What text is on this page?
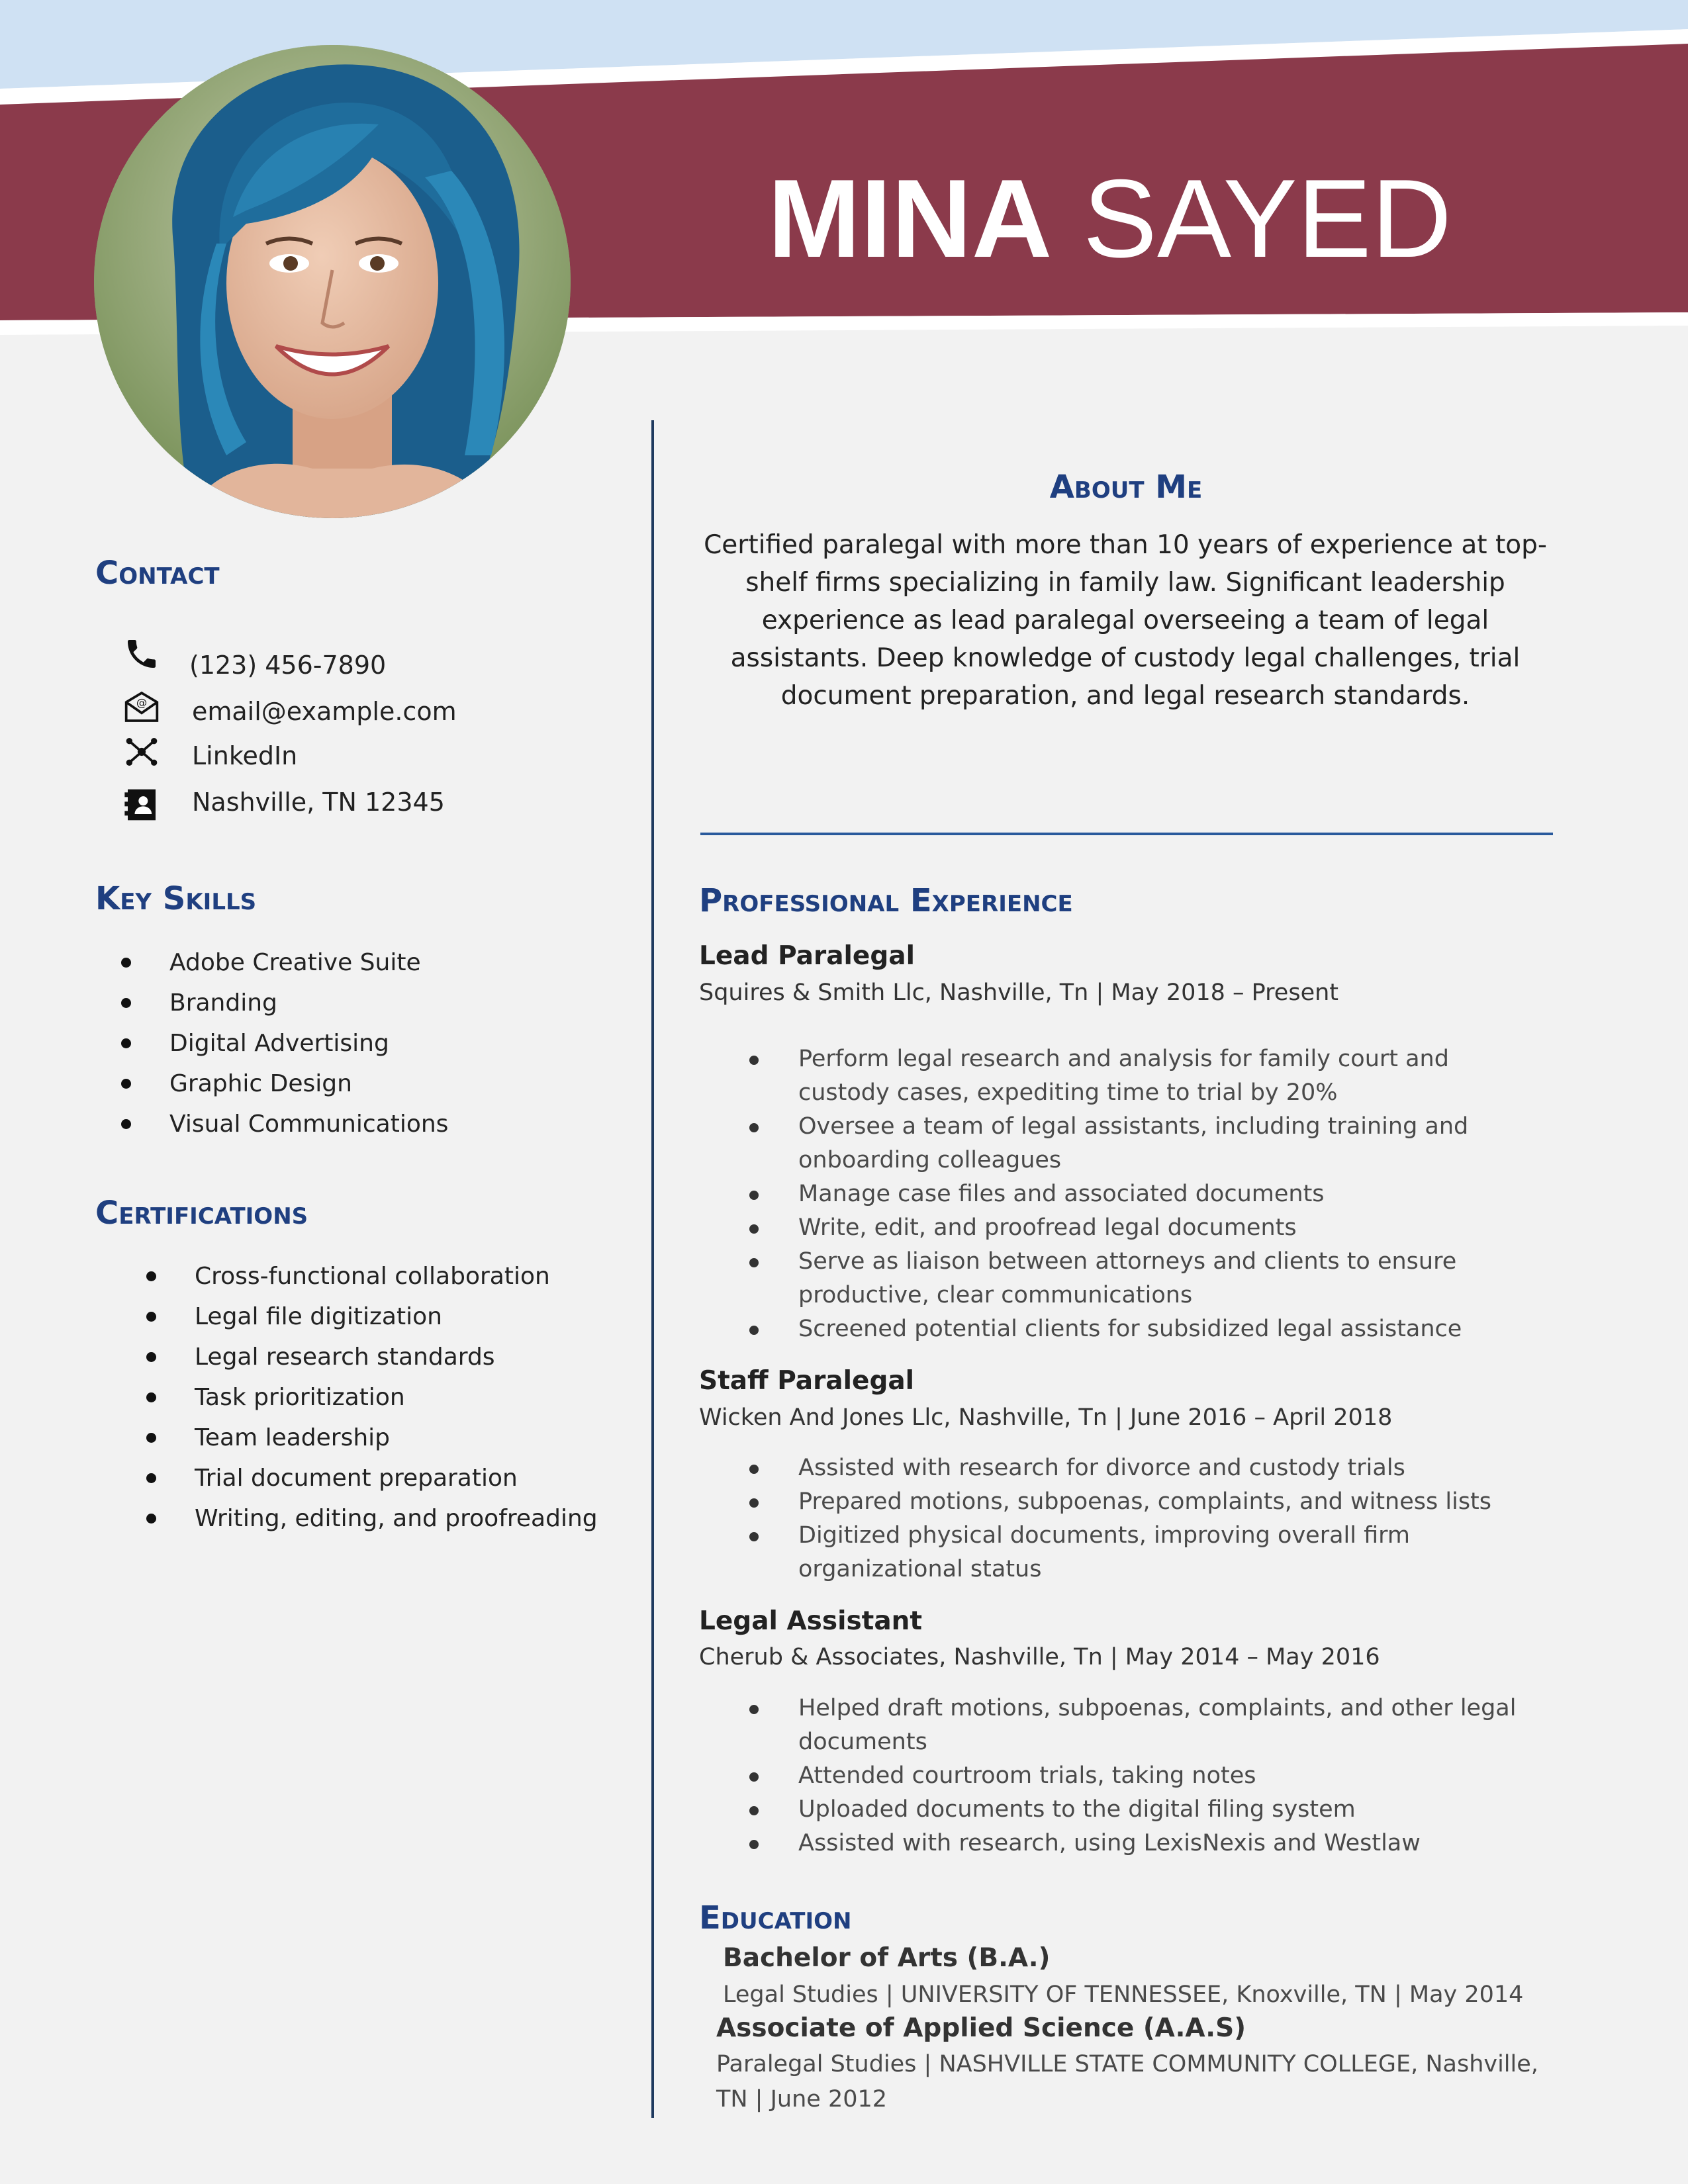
MINA SAYED
Contact
(123) 456-7890
@ email@example.com
LinkedIn
Nashville, TN 12345
Key Skills
Adobe Creative Suite
Branding
Digital Advertising
Graphic Design
Visual Communications
Certifications
Cross-functional collaboration
Legal file digitization
Legal research standards
Task prioritization
Team leadership
Trial document preparation
Writing, editing, and proofreading
About Me
Certified paralegal with more than 10 years of experience at top-shelf firms specializing in family law. Significant leadership experience as lead paralegal overseeing a team of legal assistants. Deep knowledge of custody legal challenges, trial document preparation, and legal research standards.
Professional Experience
Lead Paralegal
Squires & Smith Llc, Nashville, Tn | May 2018 – Present
Perform legal research and analysis for family court and custody cases, expediting time to trial by 20%
Oversee a team of legal assistants, including training and onboarding colleagues
Manage case files and associated documents
Write, edit, and proofread legal documents
Serve as liaison between attorneys and clients to ensure productive, clear communications
Screened potential clients for subsidized legal assistance
Staff Paralegal
Wicken And Jones Llc, Nashville, Tn | June 2016 – April 2018
Assisted with research for divorce and custody trials
Prepared motions, subpoenas, complaints, and witness lists
Digitized physical documents, improving overall firm organizational status
Legal Assistant
Cherub & Associates, Nashville, Tn | May 2014 – May 2016
Helped draft motions, subpoenas, complaints, and other legal documents
Attended courtroom trials, taking notes
Uploaded documents to the digital filing system
Assisted with research, using LexisNexis and Westlaw
Education
Bachelor of Arts (B.A.)
Legal Studies | UNIVERSITY OF TENNESSEE, Knoxville, TN | May 2014
Associate of Applied Science (A.A.S)
Paralegal Studies | NASHVILLE STATE COMMUNITY COLLEGE, Nashville, TN | June 2012
